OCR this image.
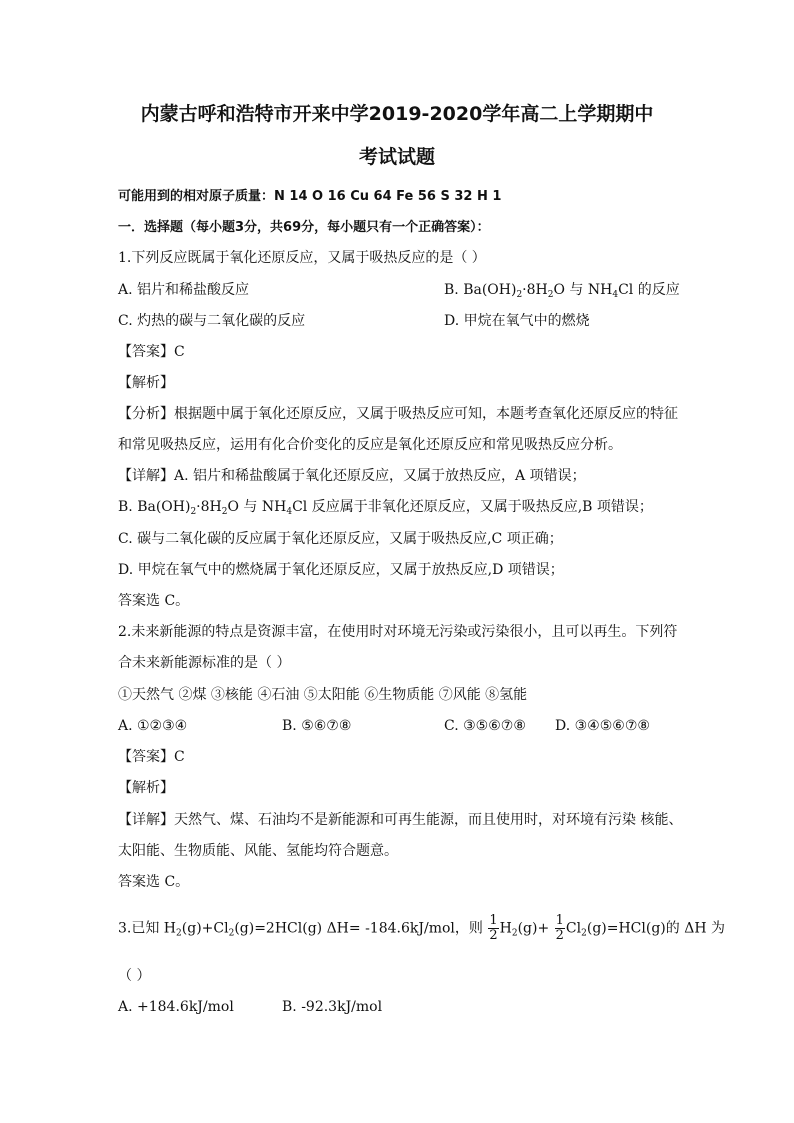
内蒙古呼和浩特市开来中学2019-2020学年高二上学期期中
考试试题
可能用到的相对原子质量：N 14 O 16 Cu 64 Fe 56 S 32 H 1
一．选择题（每小题3分，共69分，每小题只有一个正确答案）：
1.下列反应既属于氧化还原反应，又属于吸热反应的是（ ）
A. 铝片和稀盐酸反应	B. $Ba(OH)_2\cdot 8H_2O$ 与 $NH_4Cl$ 的反应
C. 灼热的碳与二氧化碳的反应	D. 甲烷在氧气中的燃烧
【答案】C
【解析】
【分析】根据题中属于氧化还原反应，又属于吸热反应可知，本题考查氧化还原反应的特征
和常见吸热反应，运用有化合价变化的反应是氧化还原反应和常见吸热反应分析。
【详解】A. 铝片和稀盐酸属于氧化还原反应，又属于放热反应，A 项错误；
B. $Ba(OH)_2\cdot 8H_2O$ 与 $NH_4Cl$ 反应属于非氧化还原反应，又属于吸热反应,B 项错误；
C. 碳与二氧化碳的反应属于氧化还原反应，又属于吸热反应,C 项正确；
D. 甲烷在氧气中的燃烧属于氧化还原反应，又属于放热反应,D 项错误；
答案选 C。
2.未来新能源的特点是资源丰富，在使用时对环境无污染或污染很小，且可以再生。下列符
合未来新能源标准的是（ ）
①天然气 ②煤 ③核能 ④石油 ⑤太阳能 ⑥生物质能 ⑦风能 ⑧氢能
A. ①②③④	B. ⑤⑥⑦⑧	C. ③⑤⑥⑦⑧ D. ③④⑤⑥⑦⑧
【答案】C
【解析】
【详解】天然气、煤、石油均不是新能源和可再生能源，而且使用时，对环境有污染 核能、
太阳能、生物质能、风能、氢能均符合题意。
答案选 C。
3.已知 $H_2(g)+Cl_2(g)=2HCl(g)$ ΔH= -184.6kJ/mol，则 $\frac{1}{2} H_2(g)+ \frac{1}{2} Cl_2(g)=HCl(g)$的 ΔH 为
（ ）
A. +184.6kJ/mol	B. -92.3kJ/mol
